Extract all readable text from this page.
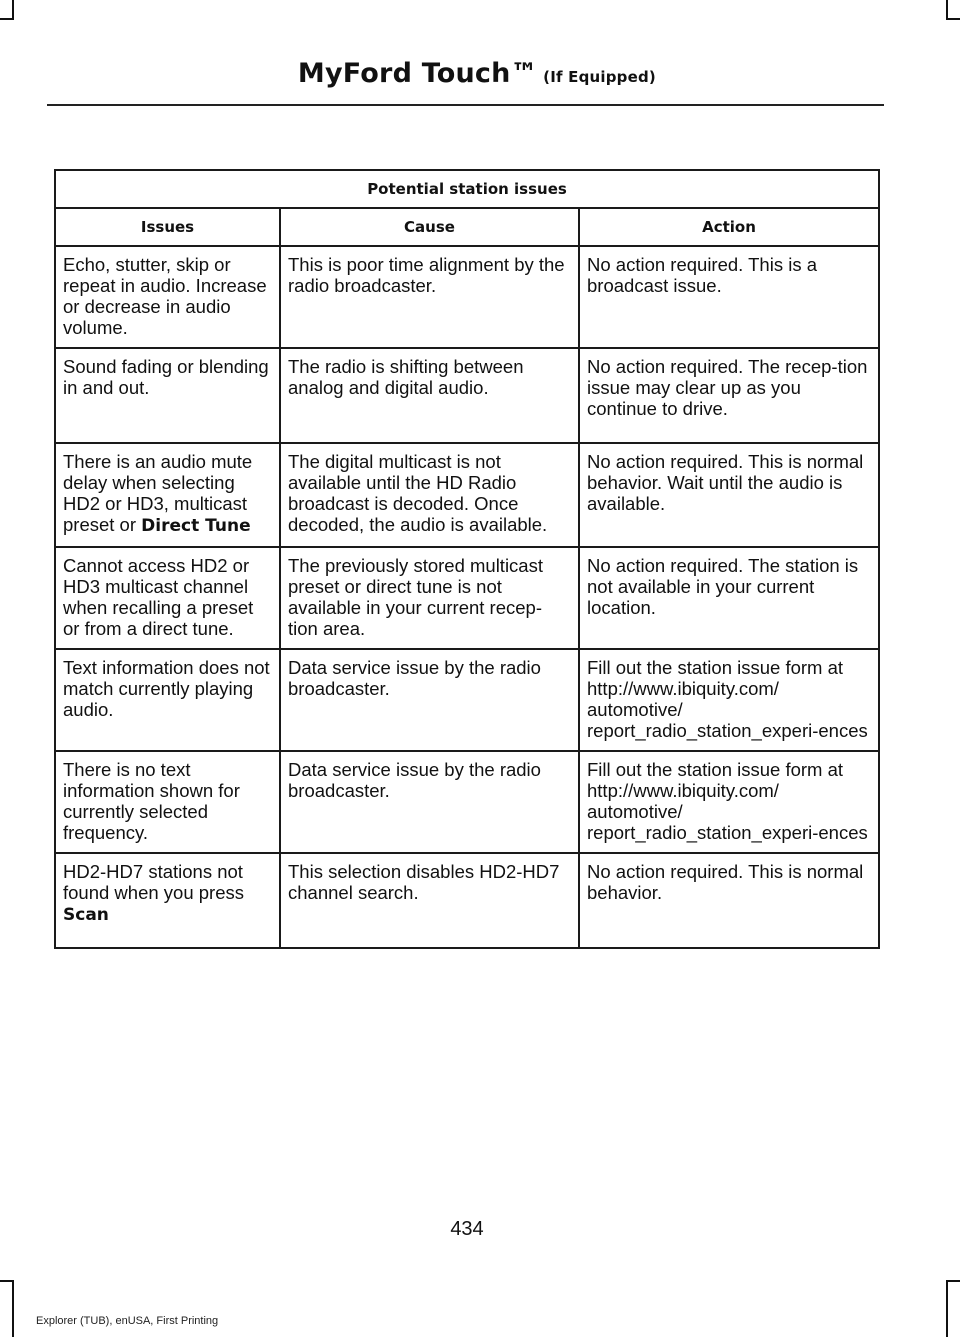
MyFord Touch™ (If Equipped)
Potential station issues		
Issues	Cause	Action
Echo, stutter, skip or repeat in audio. Increase or decrease in audio volume.	This is poor time alignment by the radio broadcaster.	No action required. This is a broadcast issue.
Sound fading or blending in and out.	The radio is shifting between analog and digital audio.	No action required. The recep-tion issue may clear up as you continue to drive.
There is an audio mute delay when selecting HD2 or HD3, multicast preset or Direct Tune	The digital multicast is not available until the HD Radio broadcast is decoded. Once decoded, the audio is available.	No action required. This is normal behavior. Wait until the audio is available.
Cannot access HD2 or HD3 multicast channel when recalling a preset or from a direct tune.	The previously stored multicast preset or direct tune is not available in your current recep-tion area.	No action required. The station is not available in your current location.
Text information does not match currently playing audio.	Data service issue by the radio broadcaster.	Fill out the station issue form at http://www.ibiquity.com/ automotive/ report_radio_station_experi-ences
There is no text information shown for currently selected frequency.	Data service issue by the radio broadcaster.	Fill out the station issue form at http://www.ibiquity.com/ automotive/ report_radio_station_experi-ences
HD2-HD7 stations not found when you press Scan	This selection disables HD2-HD7 channel search.	No action required. This is normal behavior.
434
Explorer (TUB), enUSA, First Printing
